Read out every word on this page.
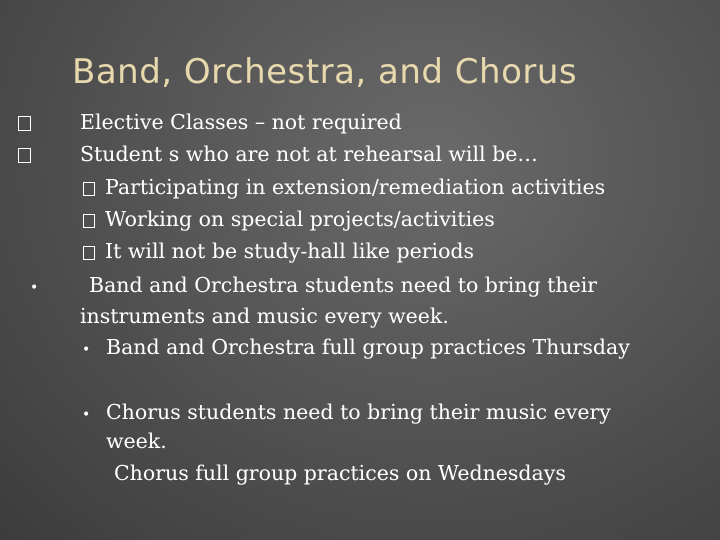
Band, Orchestra, and Chorus
Elective Classes – not required
Student s who are not at rehearsal will be…
Participating in extension/remediation activities
Working on special projects/activities
It will not be study-hall like periods
• Band and Orchestra students need to bring their
instruments and music every week.
• Band and Orchestra full group practices Thursday
• Chorus students need to bring their music every
week.
Chorus full group practices on Wednesdays
